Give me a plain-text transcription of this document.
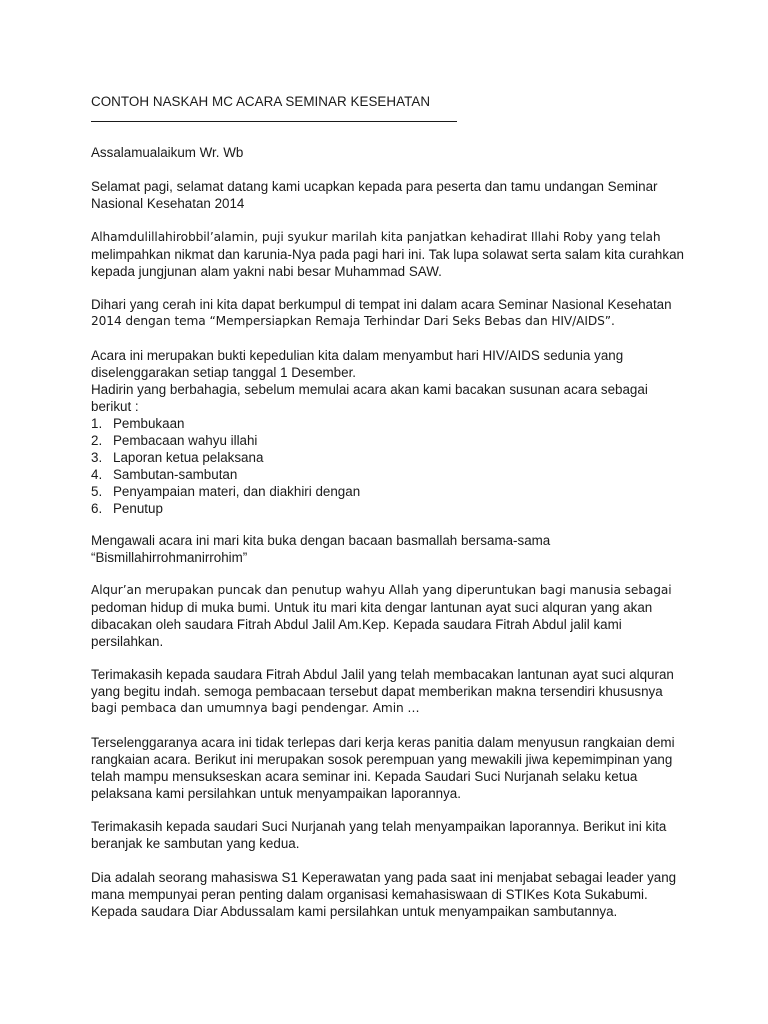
CONTOH NASKAH MC ACARA SEMINAR KESEHATAN

Assalamualaikum Wr. Wb

Selamat pagi, selamat datang kami ucapkan kepada para peserta dan tamu undangan Seminar

Nasional Kesehatan 2014

Alhamdulillahirobbil’alamin, puji syukur marilah kita panjatkan kehadirat Illahi Roby yang telah

melimpahkan nikmat dan karunia-Nya pada pagi hari ini. Tak lupa solawat serta salam kita curahkan

kepada jungjunan alam yakni nabi besar Muhammad SAW.

Dihari yang cerah ini kita dapat berkumpul di tempat ini dalam acara Seminar Nasional Kesehatan

2014 dengan tema “Mempersiapkan Remaja Terhindar Dari Seks Bebas dan HIV/AIDS”.

Acara ini merupakan bukti kepedulian kita dalam menyambut hari HIV/AIDS sedunia yang

diselenggarakan setiap tanggal 1 Desember.

Hadirin yang berbahagia, sebelum memulai acara akan kami bacakan susunan acara sebagai

berikut :

1. Pembukaan
2. Pembacaan wahyu illahi
3. Laporan ketua pelaksana
4. Sambutan-sambutan
5. Penyampaian materi, dan diakhiri dengan
6. Penutup

Mengawali acara ini mari kita buka dengan bacaan basmallah bersama-sama

“Bismillahirrohmanirrohim”

Alqur’an merupakan puncak dan penutup wahyu Allah yang diperuntukan bagi manusia sebagai

pedoman hidup di muka bumi. Untuk itu mari kita dengar lantunan ayat suci alquran yang akan

dibacakan oleh saudara Fitrah Abdul Jalil Am.Kep. Kepada saudara Fitrah Abdul jalil kami

persilahkan.

Terimakasih kepada saudara Fitrah Abdul Jalil yang telah membacakan lantunan ayat suci alquran

yang begitu indah. semoga pembacaan tersebut dapat memberikan makna tersendiri khususnya

bagi pembaca dan umumnya bagi pendengar. Amin …

Terselenggaranya acara ini tidak terlepas dari kerja keras panitia dalam menyusun rangkaian demi

rangkaian acara. Berikut ini merupakan sosok perempuan yang mewakili jiwa kepemimpinan yang

telah mampu mensukseskan acara seminar ini. Kepada Saudari Suci Nurjanah selaku ketua

pelaksana kami persilahkan untuk menyampaikan laporannya.

Terimakasih kepada saudari Suci Nurjanah yang telah menyampaikan laporannya. Berikut ini kita

beranjak ke sambutan yang kedua.

Dia adalah seorang mahasiswa S1 Keperawatan yang pada saat ini menjabat sebagai leader yang

mana mempunyai peran penting dalam organisasi kemahasiswaan di STIKes Kota Sukabumi.

Kepada saudara Diar Abdussalam kami persilahkan untuk menyampaikan sambutannya.
